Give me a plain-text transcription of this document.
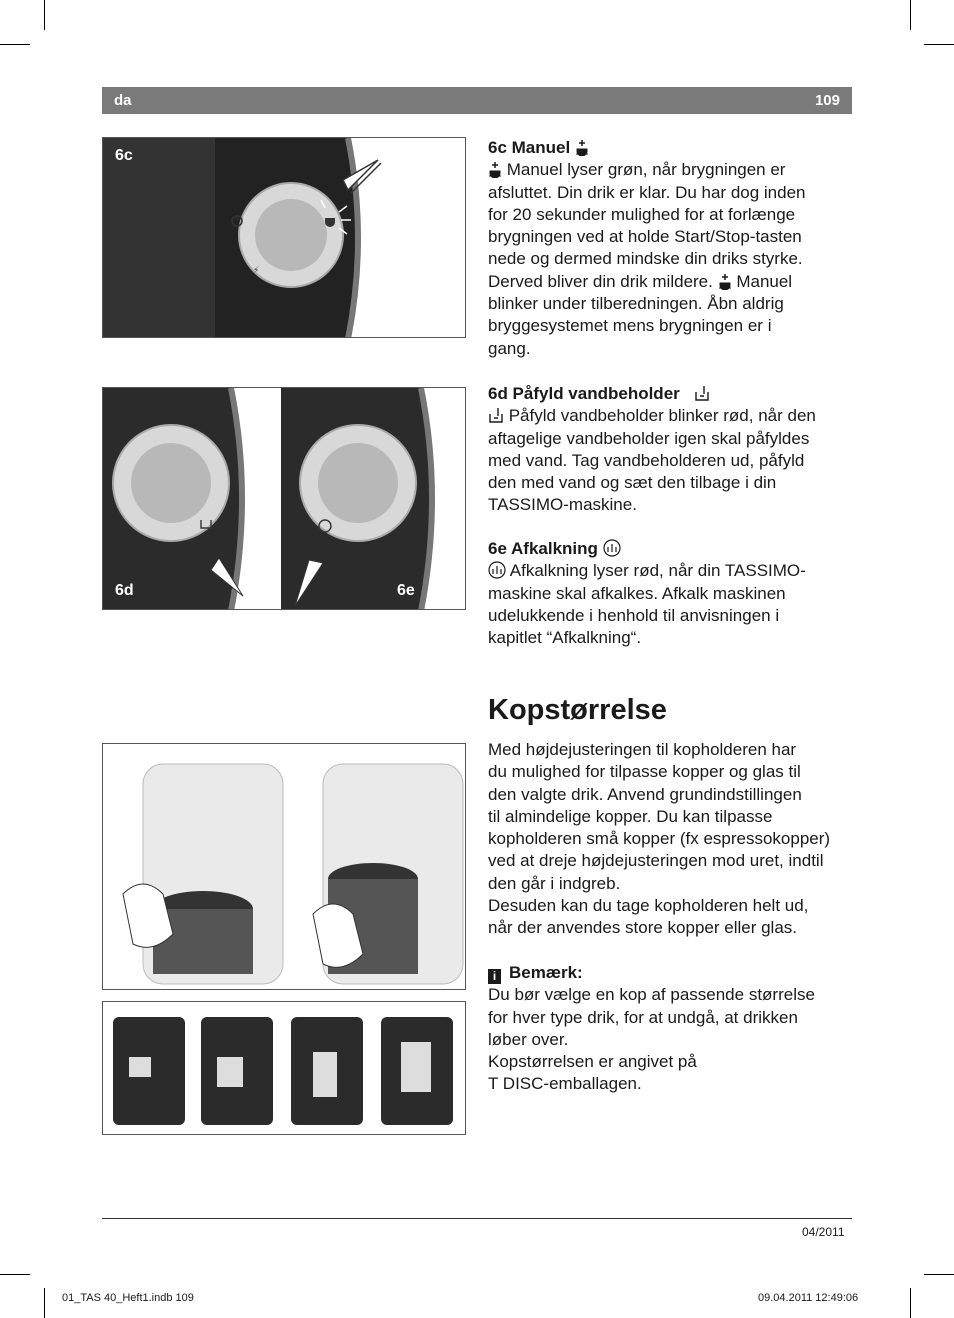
da	109
⚡
6c
6d	6e

6c Manuel

Manuel lyser grøn, når brygningen er

afsluttet. Din drik er klar. Du har dog inden

for 20 sekunder mulighed for at forlænge

brygningen ved at holde Start/Stop-tasten

nede og dermed mindske din driks styrke.

Derved bliver din drik mildere.  Manuel

blinker under tilberedningen. Åbn aldrig

bryggesystemet mens brygningen er i

gang.

6d Påfyld vandbeholder

Påfyld vandbeholder blinker rød, når den

aftagelige vandbeholder igen skal påfyldes

med vand. Tag vandbeholderen ud, påfyld

den med vand og sæt den tilbage i din

TASSIMO-maskine.

6e Afkalkning

Afkalkning lyser rød, når din TASSIMO-

maskine skal afkalkes. Afkalk maskinen

udelukkende i henhold til anvisningen i

kapitlet “Afkalkning“.

Kopstørrelse

Med højdejusteringen til kopholderen har

du mulighed for tilpasse kopper og glas til

den valgte drik. Anvend grundindstillingen

til almindelige kopper. Du kan tilpasse

kopholderen små kopper (fx espressokopper)

ved at dreje højdejusteringen mod uret, indtil

den går i indgreb.

Desuden kan du tage kopholderen helt ud,

når der anvendes store kopper eller glas.

i Bemærk:

Du bør vælge en kop af passende størrelse

for hver type drik, for at undgå, at drikken

løber over.

Kopstørrelsen er angivet på

T DISC-emballagen.

04/2011
01_TAS 40_Heft1.indb 109	09.04.2011 12:49:06
